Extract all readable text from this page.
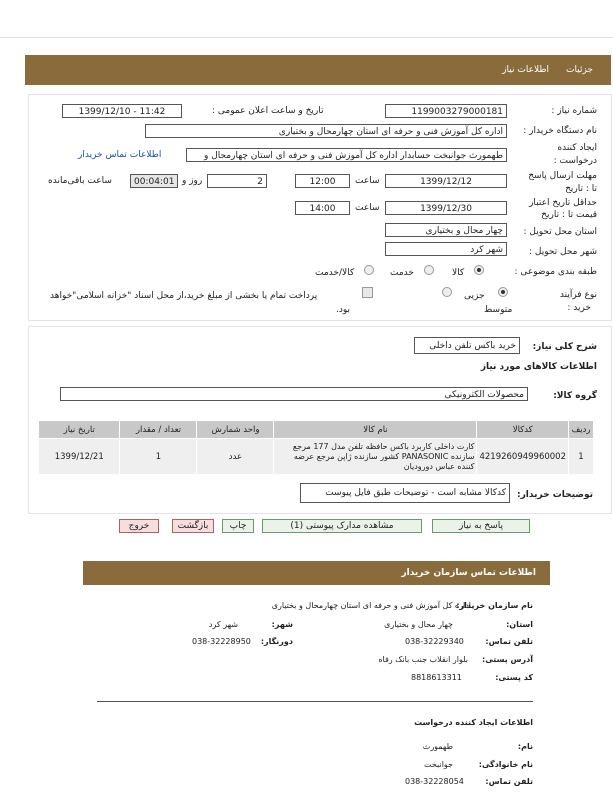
جزئیات
اطلاعات نیاز
شماره نیاز :
1199003279000181
تاریخ و ساعت اعلان عمومی :
1399/12/10 - 11:42
نام دستگاه خریدار :
اداره کل آموزش فنی و حرفه ای استان چهارمحال و بختیاری
ایجاد کننده
درخواست :
طهمورث جوانبخت حسابدار اداره کل آموزش فنی و حرفه ای استان چهارمحال و
اطلاعات تماس خریدار
مهلت ارسال پاسخ
تا : تاریخ
1399/12/12
ساعت
12:00
2
روز و
00:04:01
ساعت باقی‌مانده
حداقل تاریخ اعتبار
قیمت تا : تاریخ
1399/12/30
ساعت
14:00
استان محل تحویل :
چهار محال و بختیاری
شهر محل تحویل :
شهر کرد
طبقه بندی موضوعی :
کالا
خدمت
کالا/خدمت
نوع فرآیند
خرید :
جزیی
متوسط
پرداخت تمام یا بخشی از مبلغ خرید،از محل اسناد "خزانه اسلامی"خواهد
بود.
شرح کلی نیاز:
خرید باکس تلفن داخلی
اطلاعات کالاهای مورد نیاز
گروه کالا:
محصولات الکترونیکی
ردیف	کدکالا	نام کالا	واحد شمارش	تعداد / مقدار	تاریخ نیاز
1	4219260949960002	کارت داخلی کاربرد باکس حافظه تلفن مدل 177 مرجع سازنده PANASONIC کشور سازنده ژاپن مرجع عرضه کننده عباس دوروديان	عدد	1	1399/12/21
توضیحات خریدار:
کدکالا مشابه است - توضیحات طبق فایل پیوست
پاسخ به نیاز
مشاهده مدارک پیوستی (1)
چاپ
بازگشت
خروج
اطلاعات تماس سازمان خریدار
نام سازمان خریدار:
اداره کل آموزش فنی و حرفه ای استان چهارمحال و بختیاری
استان:
چهار محال و بختیاری
شهر:
شهر کرد
تلفن تماس:
038-32229340
دورنگار:
038-32228950
آدرس پستی:
بلوار انقلاب جنب بانک رفاه
کد پستی:
8818613311
اطلاعات ایجاد کننده درخواست
نام:
طهمورث
نام خانوادگی:
جوانبخت
تلفن تماس:
038-32228054
